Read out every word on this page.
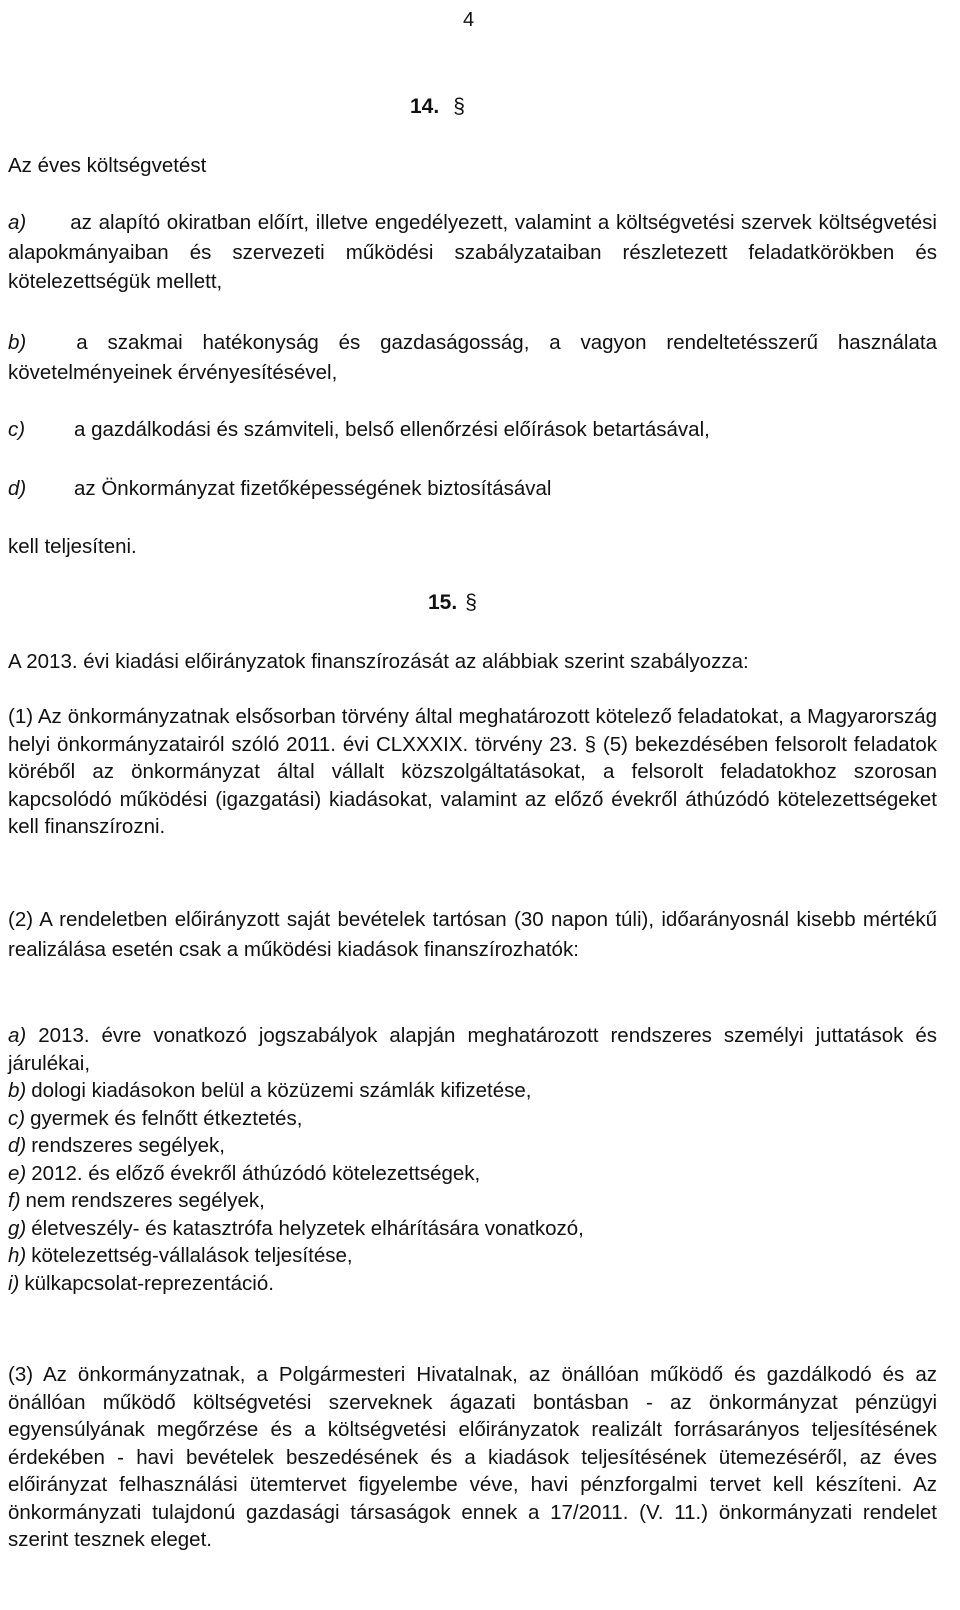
4
14. §

Az éves költségvetést

a) az alapító okiratban előírt, illetve engedélyezett, valamint a költségvetési szervek költségvetési alapokmányaiban és szervezeti működési szabályzataiban részletezett feladatkörökben és kötelezettségük mellett,

b) a szakmai hatékonyság és gazdaságosság, a vagyon rendeltetésszerű használata követelményeinek érvényesítésével,

c) a gazdálkodási és számviteli, belső ellenőrzési előírások betartásával,

d) az Önkormányzat fizetőképességének biztosításával

kell teljesíteni.

15. §

A 2013. évi kiadási előirányzatok finanszírozását az alábbiak szerint szabályozza:

(1) Az önkormányzatnak elsősorban törvény által meghatározott kötelező feladatokat, a Magyarország helyi önkormányzatairól szóló 2011. évi CLXXXIX. törvény 23. § (5) bekezdésében felsorolt feladatok köréből az önkormányzat által vállalt közszolgáltatásokat, a felsorolt feladatokhoz szorosan kapcsolódó működési (igazgatási) kiadásokat, valamint az előző évekről áthúzódó kötelezettségeket kell finanszírozni.

(2) A rendeletben előirányzott saját bevételek tartósan (30 napon túli), időarányosnál kisebb mértékű realizálása esetén csak a működési kiadások finanszírozhatók:

a) 2013. évre vonatkozó jogszabályok alapján meghatározott rendszeres személyi juttatások és járulékai,

b) dologi kiadásokon belül a közüzemi számlák kifizetése,
c) gyermek és felnőtt étkeztetés,
d) rendszeres segélyek,
e) 2012. és előző évekről áthúzódó kötelezettségek,
f) nem rendszeres segélyek,
g) életveszély- és katasztrófa helyzetek elhárítására vonatkozó,
h) kötelezettség-vállalások teljesítése,
i) külkapcsolat-reprezentáció.

(3) Az önkormányzatnak, a Polgármesteri Hivatalnak, az önállóan működő és gazdálkodó és az önállóan működő költségvetési szerveknek ágazati bontásban - az önkormányzat pénzügyi egyensúlyának megőrzése és a költségvetési előirányzatok realizált forrásarányos teljesítésének érdekében - havi bevételek beszedésének és a kiadások teljesítésének ütemezéséről, az éves előirányzat felhasználási ütemtervet figyelembe véve, havi pénzforgalmi tervet kell készíteni. Az önkormányzati tulajdonú gazdasági társaságok ennek a 17/2011. (V. 11.) önkormányzati rendelet szerint tesznek eleget.
